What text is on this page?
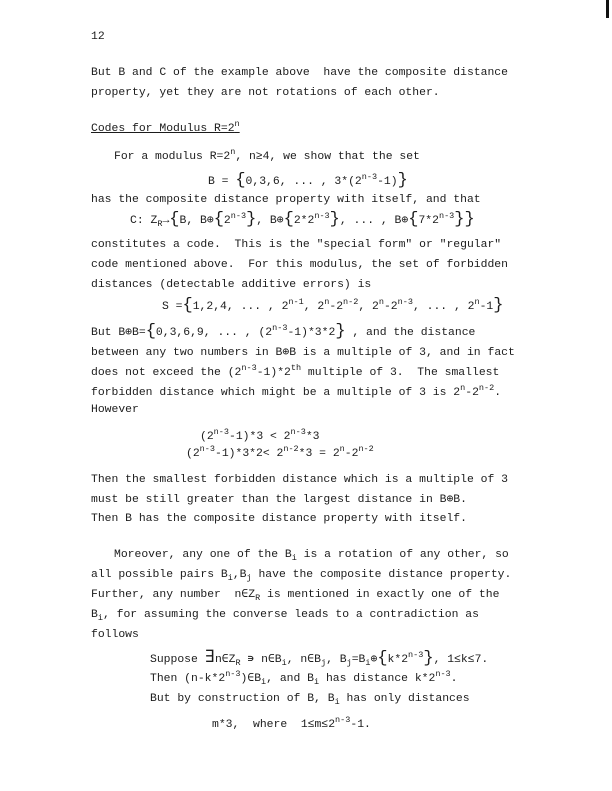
12
But B and C of the example above  have the composite distance
property, yet they are not rotations of each other.
Codes for Modulus $R=2^n$
For a modulus $R=2^n$, n≥4, we show that the set
B = {0,3,6, ... , 3*(2$^{n-3}$-1)}
has the composite distance property with itself, and that
C: $Z_R\to\{B$, B⊕{2$^{n-3}$}, B⊕{2*2$^{n-3}$}, ... , B⊕{7*2$^{n-3}$}}
constitutes a code.  This is the "special form" or "regular"
code mentioned above.  For this modulus, the set of forbidden
distances (detectable additive errors) is
S ={1,2,4, ... , 2$^{n-1}$, 2$^n$-2$^{n-2}$, 2$^n$-2$^{n-3}$, ... , 2$^n$-1}
But B⊕B={0,3,6,9, ... , (2$^{n-3}$-1)*3*2} , and the distance
between any two numbers in B⊕B is a multiple of 3, and in fact
does not exceed the (2$^{n-3}$-1)*2th multiple of 3.  The smallest
forbidden distance which might be a multiple of 3 is 2$^n$-2$^{n-2}$.
However
$(2^{n-3}-1)*3 < 2^{n-3}*3$
$(2^{n-3}-1)*3*2< 2^{n-2}*3 = 2^n-2^{n-2}$
Then the smallest forbidden distance which is a multiple of 3
must be still greater than the largest distance in B⊕B.
Then B has the composite distance property with itself.
Moreover, any one of the $B_i$ is a rotation of any other, so
all possible pairs $B_i,B_j$ have the composite distance property.
Further, any number  $n\in Z_R$ is mentioned in exactly one of the
$B_i$, for assuming the converse leads to a contradiction as
follows
Suppose $\exists n\in Z_R$ ∍ $n\in B_i$, $n\in B_j$, $B_j=B_i\oplus\{k*2^{n-3}\}$, 1≤k≤7.
Then $(n-k*2^{n-3})\in B_i$, and $B_i$ has distance k*2$^{n-3}$.
But by construction of B, $B_i$ has only distances
m*3,  where  $1\le m\le 2^{n-3}-1$.
